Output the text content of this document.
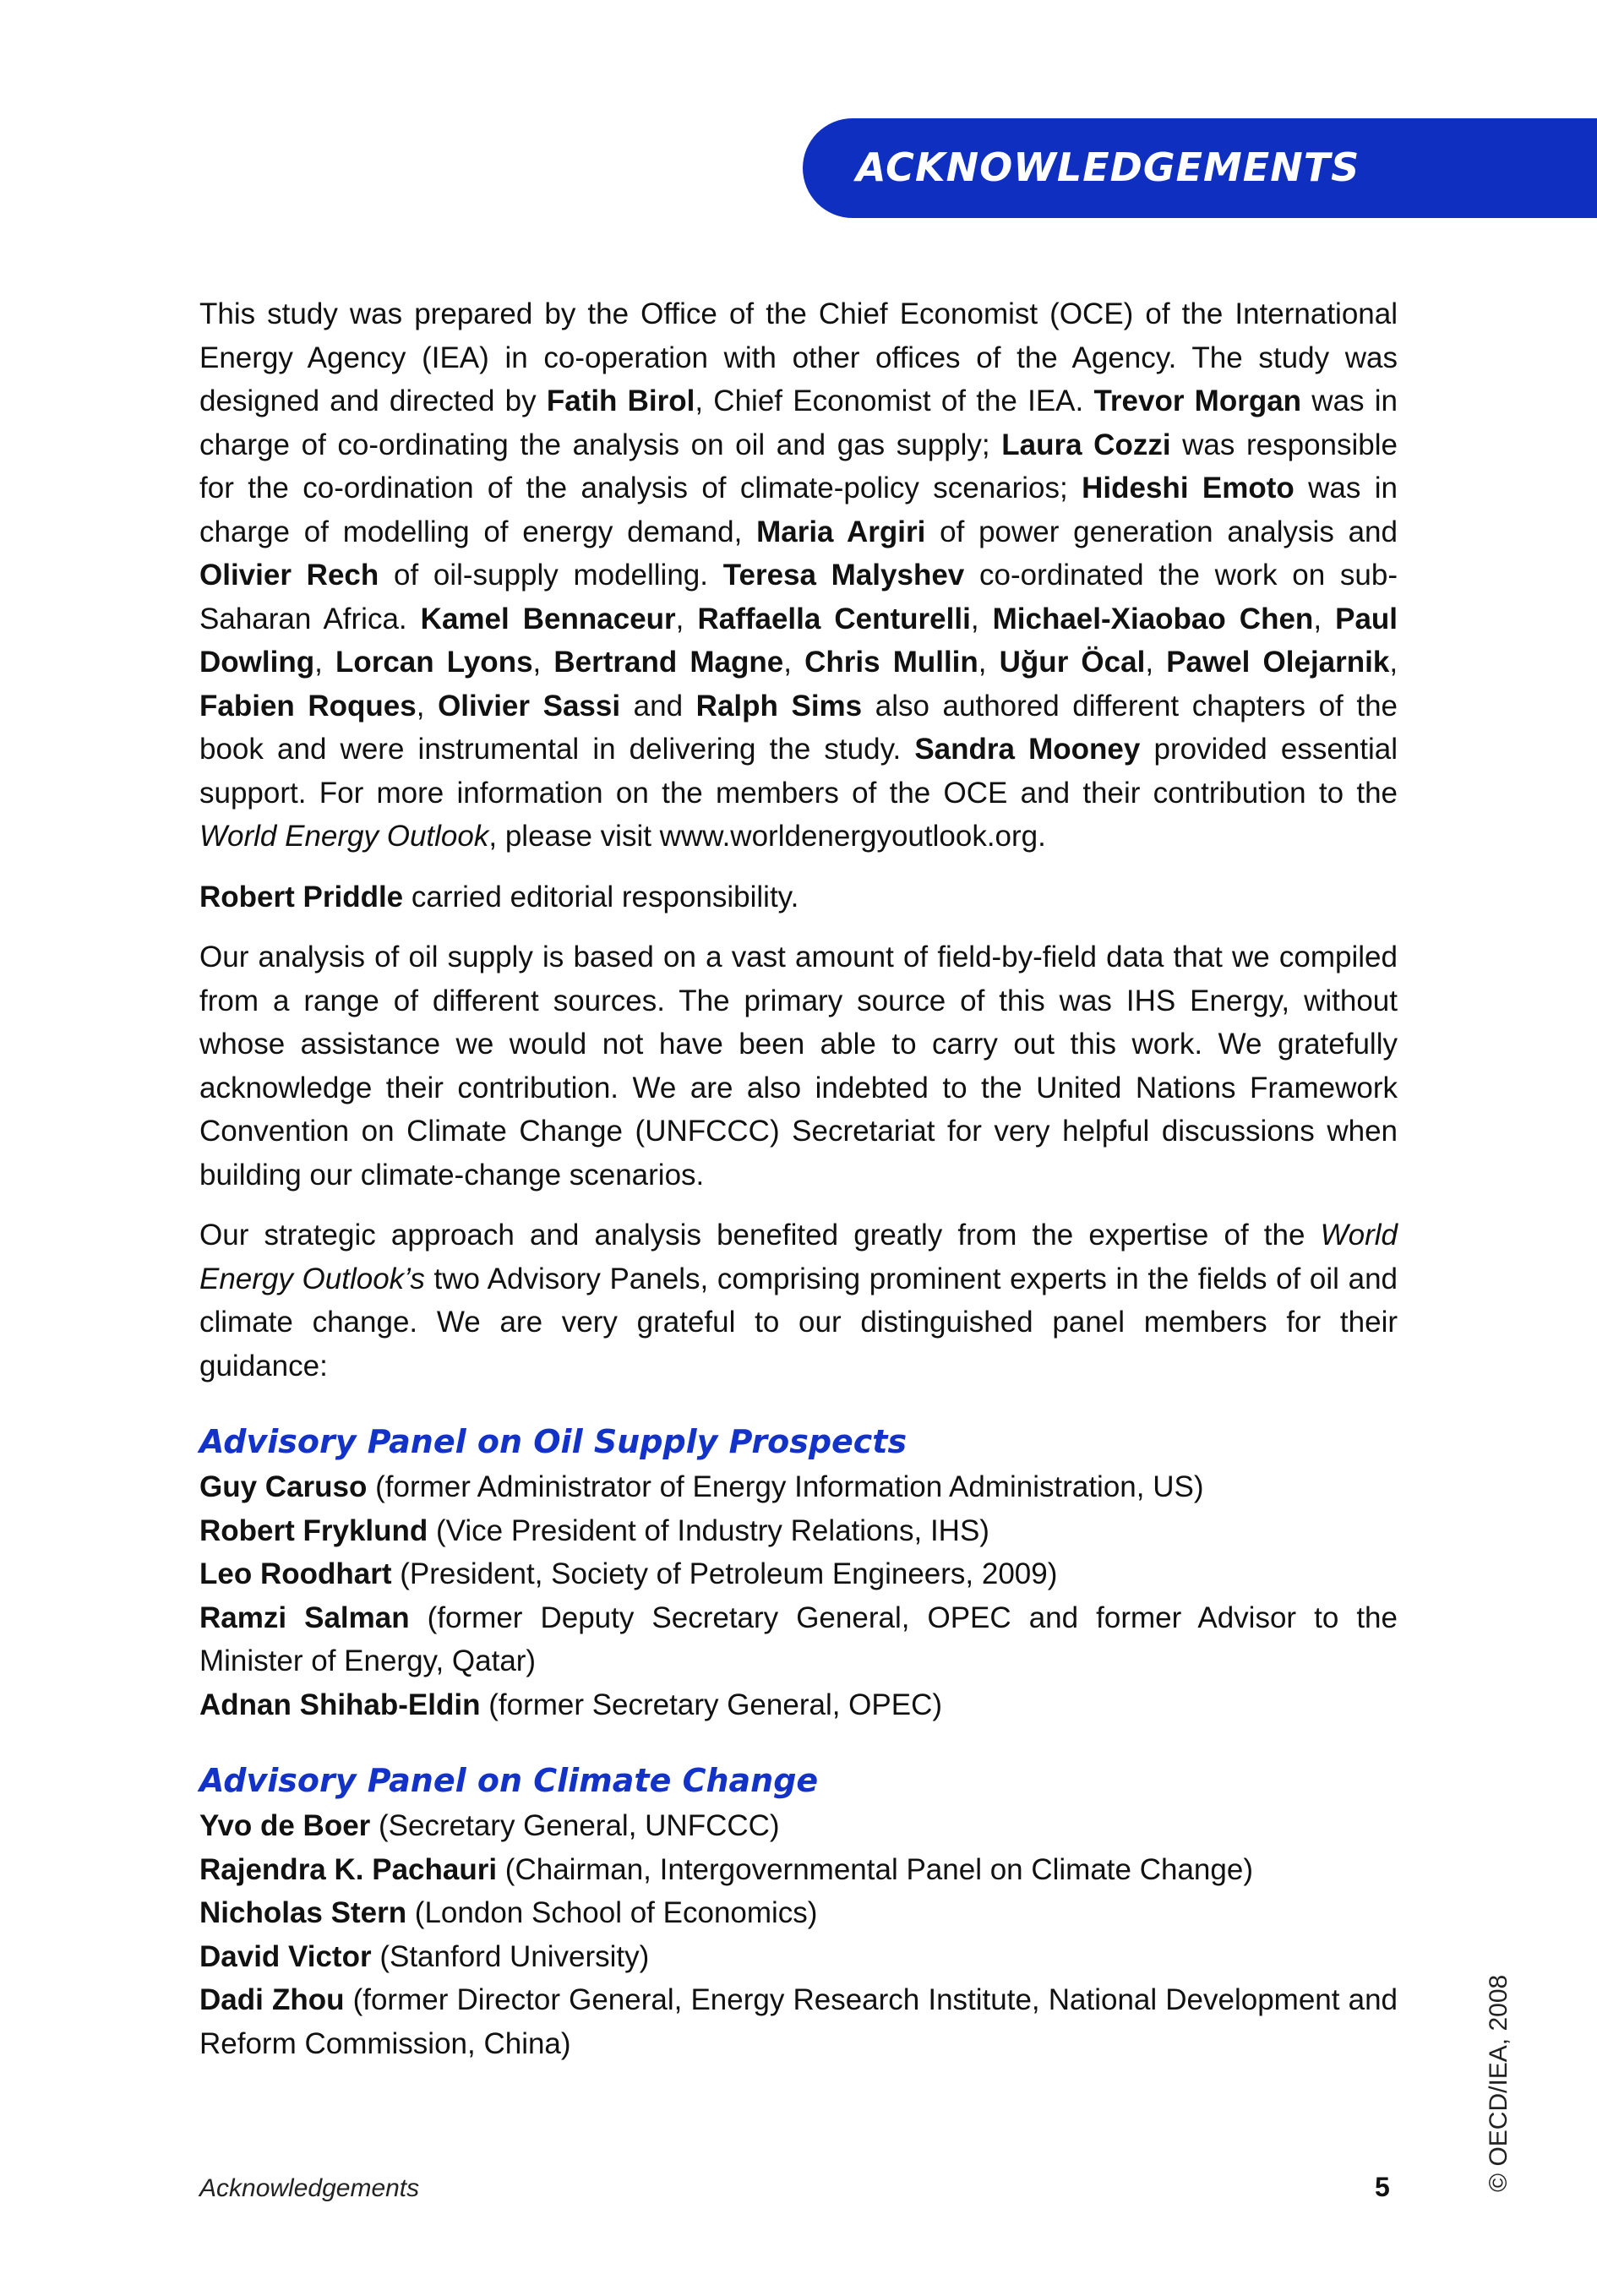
ACKNOWLEDGEMENTS

This study was prepared by the Office of the Chief Economist (OCE) of the International Energy Agency (IEA) in co-operation with other offices of the Agency. The study was designed and directed by Fatih Birol, Chief Economist of the IEA. Trevor Morgan was in charge of co-ordinating the analysis on oil and gas supply; Laura Cozzi was responsible for the co-ordination of the analysis of climate-policy scenarios; Hideshi Emoto was in charge of modelling of energy demand, Maria Argiri of power generation analysis and Olivier Rech of oil-supply modelling. Teresa Malyshev co-ordinated the work on sub-Saharan Africa. Kamel Bennaceur, Raffaella Centurelli, Michael-Xiaobao Chen, Paul Dowling, Lorcan Lyons, Bertrand Magne, Chris Mullin, Uğur Öcal, Pawel Olejarnik, Fabien Roques, Olivier Sassi and Ralph Sims also authored different chapters of the book and were instrumental in delivering the study. Sandra Mooney provided essential support. For more information on the members of the OCE and their contribution to the World Energy Outlook, please visit www.worldenergyoutlook.org.

Robert Priddle carried editorial responsibility.

Our analysis of oil supply is based on a vast amount of field-by-field data that we compiled from a range of different sources. The primary source of this was IHS Energy, without whose assistance we would not have been able to carry out this work. We gratefully acknowledge their contribution. We are also indebted to the United Nations Framework Convention on Climate Change (UNFCCC) Secretariat for very helpful discussions when building our climate-change scenarios.

Our strategic approach and analysis benefited greatly from the expertise of the World Energy Outlook’s two Advisory Panels, comprising prominent experts in the fields of oil and climate change. We are very grateful to our distinguished panel members for their guidance:

Advisory Panel on Oil Supply Prospects
Guy Caruso (former Administrator of Energy Information Administration, US)
Robert Fryklund (Vice President of Industry Relations, IHS)
Leo Roodhart (President, Society of Petroleum Engineers, 2009)
Ramzi Salman (former Deputy Secretary General, OPEC and former Advisor to the Minister of Energy, Qatar)
Adnan Shihab-Eldin (former Secretary General, OPEC)
Advisory Panel on Climate Change
Yvo de Boer (Secretary General, UNFCCC)
Rajendra K. Pachauri (Chairman, Intergovernmental Panel on Climate Change)
Nicholas Stern (London School of Economics)
David Victor (Stanford University)
Dadi Zhou (former Director General, Energy Research Institute, National Development and Reform Commission, China)
Acknowledgements	5	© OECD/IEA, 2008
